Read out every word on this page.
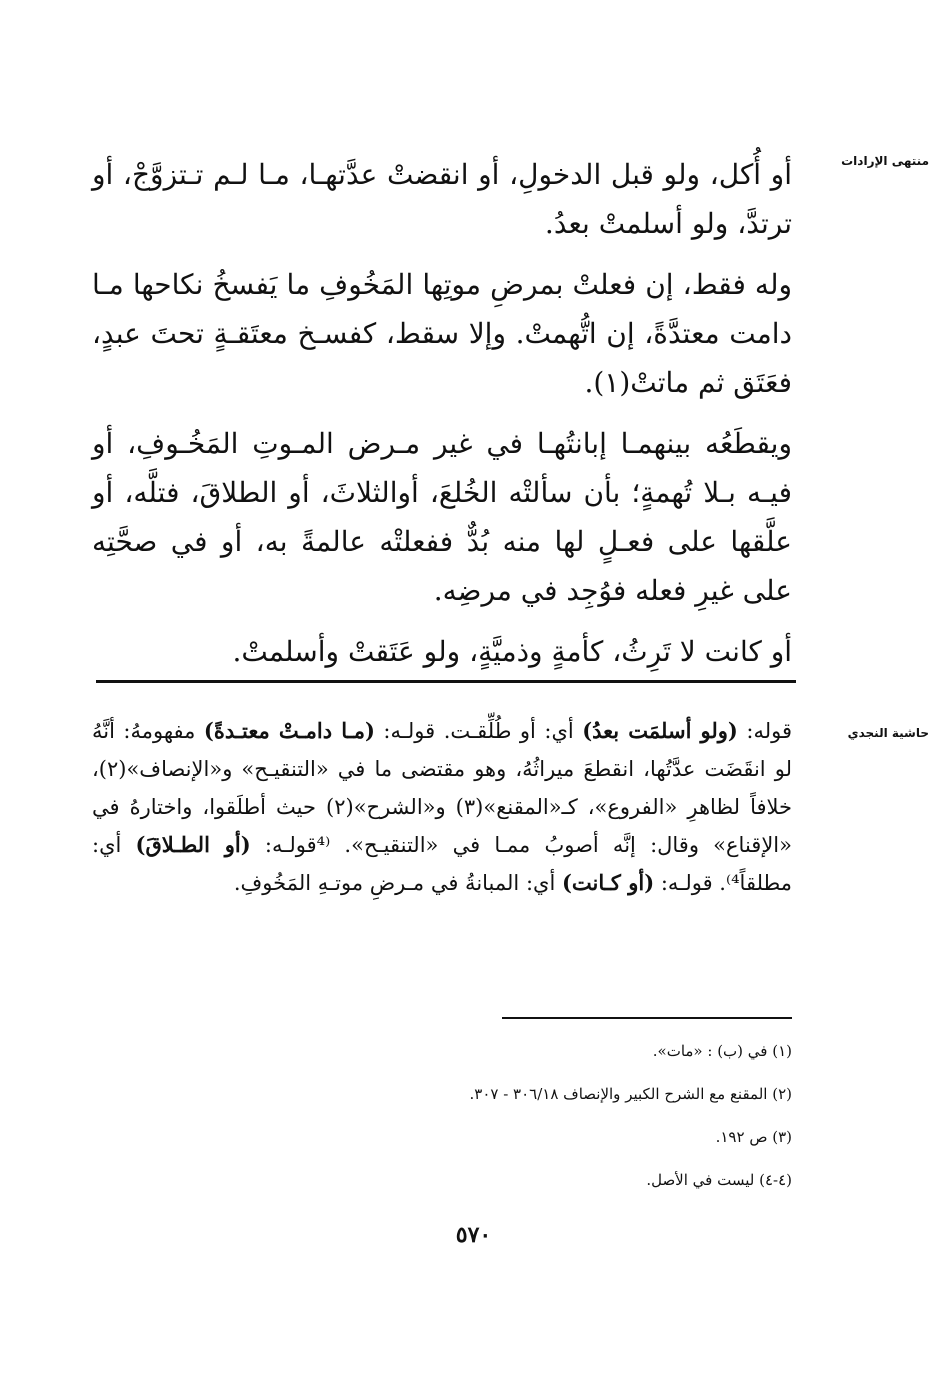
منتهى الإرادات

أو أُكل، ولو قبل الدخولِ، أو انقضتْ عدَّتهـا، مـا لـم تـتزوَّجْ، أو ترتدَّ، ولو أسلمتْ بعدُ.

وله فقط، إن فعلتْ بمرضِ موتِها المَخُوفِ ما يَفسخُ نكاحها مـا دامت معتدَّةً، إن اتُّهمتْ. وإلا سقط، كفسـخ معتَقـةٍ تحتَ عبدٍ، فعَتَق ثم ماتتْ(١).

ويقطَعُه بينهمـا إبانتُهـا في غير مـرض المـوتِ المَخُـوفِ، أو فيـه بـلا تُهمةٍ؛ بأن سألتْه الخُلعَ، أوالثلاثَ، أو الطلاقَ، فتلَّه، أو علَّقها على فعـلٍ لها منه بُدٌّ ففعلتْه عالمةً به، أو في صحَّتِه على غيرِ فعله فوُجِد في مرضِه.

أو كانت لا تَرِثُ، كأمةٍ وذميَّةٍ، ولو عَتَقتْ وأسلمتْ.

حاشية النجدي

قوله: (ولو أسلمَت بعدُ) أي: أو طُلِّقـت. قولـه: (مـا دامـتْ معتـدةً) مفهومهُ: أنَّهُ لو انقَضَت عدَّتُها، انقطعَ ميراثُهُ، وهو مقتضى ما في «التنقيـح» و«الإنصاف»(٢)، خلافاً لظاهرِ «الفروع»، كـ«المقنع»(٣) و«الشرح»(٢) حيث أطلَقوا، واختارهُ في «الإقناع» وقال: إنَّه أصوبُ ممـا في «التنقيـح». ⁽⁴قولـه: (أو الطـلاقَ) أي: مطلقاً⁴⁾. قولـه: (أو كـانت) أي: المبانةُ في مـرضِ موتـهِ المَخُوفِ.

(١) في (ب) : «مات».
(٢) المقنع مع الشرح الكبير والإنصاف ٣٠٦/١٨ - ٣٠٧.
(٣) ص ١٩٢.
(٤-٤) ليست في الأصل.
٥٧٠
